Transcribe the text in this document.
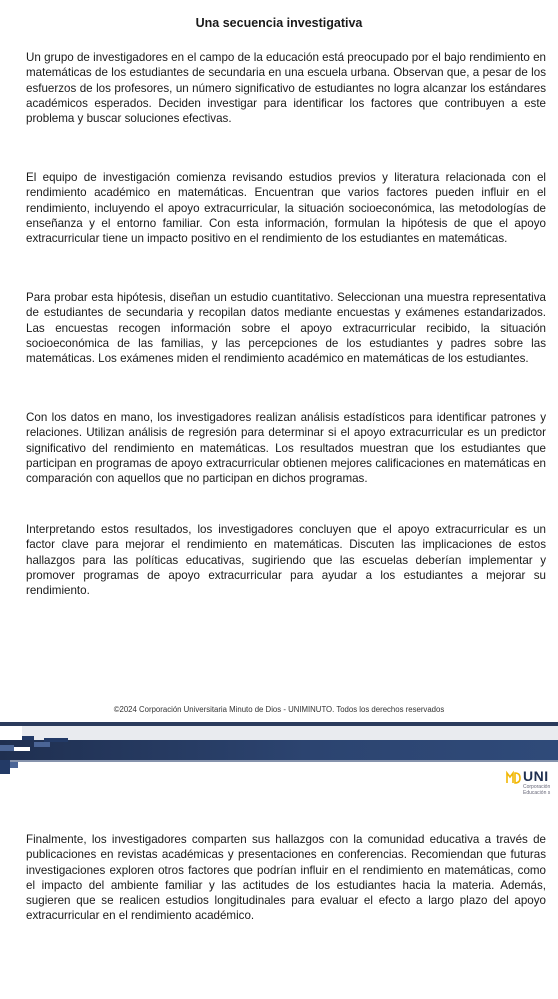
Una secuencia investigativa

Un grupo de investigadores en el campo de la educación está preocupado por el bajo rendimiento en matemáticas de los estudiantes de secundaria en una escuela urbana. Observan que, a pesar de los esfuerzos de los profesores, un número significativo de estudiantes no logra alcanzar los estándares académicos esperados. Deciden investigar para identificar los factores que contribuyen a este problema y buscar soluciones efectivas.

El equipo de investigación comienza revisando estudios previos y literatura relacionada con el rendimiento académico en matemáticas. Encuentran que varios factores pueden influir en el rendimiento, incluyendo el apoyo extracurricular, la situación socioeconómica, las metodologías de enseñanza y el entorno familiar. Con esta información, formulan la hipótesis de que el apoyo extracurricular tiene un impacto positivo en el rendimiento de los estudiantes en matemáticas.

Para probar esta hipótesis, diseñan un estudio cuantitativo. Seleccionan una muestra representativa de estudiantes de secundaria y recopilan datos mediante encuestas y exámenes estandarizados. Las encuestas recogen información sobre el apoyo extracurricular recibido, la situación socioeconómica de las familias, y las percepciones de los estudiantes y padres sobre las matemáticas. Los exámenes miden el rendimiento académico en matemáticas de los estudiantes.

Con los datos en mano, los investigadores realizan análisis estadísticos para identificar patrones y relaciones. Utilizan análisis de regresión para determinar si el apoyo extracurricular es un predictor significativo del rendimiento en matemáticas. Los resultados muestran que los estudiantes que participan en programas de apoyo extracurricular obtienen mejores calificaciones en matemáticas en comparación con aquellos que no participan en dichos programas.

Interpretando estos resultados, los investigadores concluyen que el apoyo extracurricular es un factor clave para mejorar el rendimiento en matemáticas. Discuten las implicaciones de estos hallazgos para las políticas educativas, sugiriendo que las escuelas deberían implementar y promover programas de apoyo extracurricular para ayudar a los estudiantes a mejorar su rendimiento.

©2024 Corporación Universitaria Minuto de Dios - UNIMINUTO. Todos los derechos reservados

UNI
Corporación
Educación s

Finalmente, los investigadores comparten sus hallazgos con la comunidad educativa a través de publicaciones en revistas académicas y presentaciones en conferencias. Recomiendan que futuras investigaciones exploren otros factores que podrían influir en el rendimiento en matemáticas, como el impacto del ambiente familiar y las actitudes de los estudiantes hacia la materia. Además, sugieren que se realicen estudios longitudinales para evaluar el efecto a largo plazo del apoyo extracurricular en el rendimiento académico.
